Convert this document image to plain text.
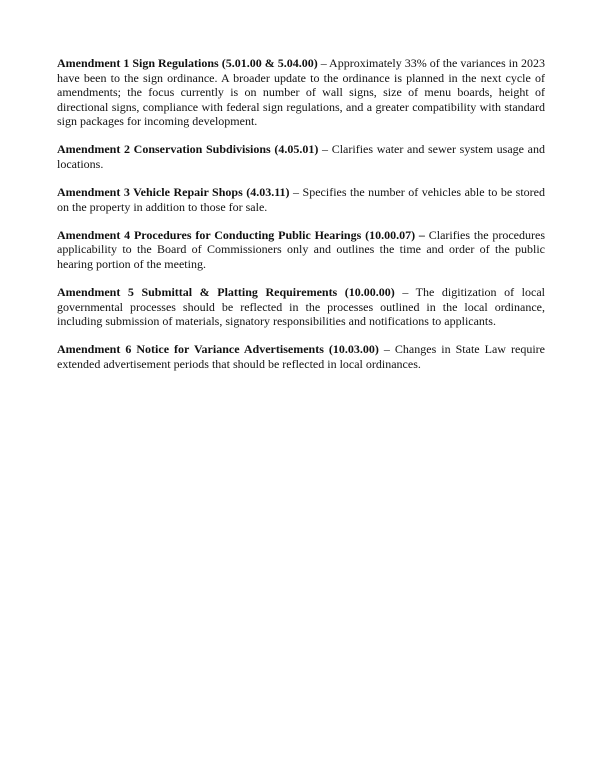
Amendment 1 Sign Regulations (5.01.00 & 5.04.00) – Approximately 33% of the variances in 2023 have been to the sign ordinance. A broader update to the ordinance is planned in the next cycle of amendments; the focus currently is on number of wall signs, size of menu boards, height of directional signs, compliance with federal sign regulations, and a greater compatibility with standard sign packages for incoming development.

Amendment 2 Conservation Subdivisions (4.05.01) – Clarifies water and sewer system usage and locations.

Amendment 3 Vehicle Repair Shops (4.03.11) – Specifies the number of vehicles able to be stored on the property in addition to those for sale.

Amendment 4 Procedures for Conducting Public Hearings (10.00.07) – Clarifies the procedures applicability to the Board of Commissioners only and outlines the time and order of the public hearing portion of the meeting.

Amendment 5 Submittal & Platting Requirements (10.00.00) – The digitization of local governmental processes should be reflected in the processes outlined in the local ordinance, including submission of materials, signatory responsibilities and notifications to applicants.

Amendment 6 Notice for Variance Advertisements (10.03.00) – Changes in State Law require extended advertisement periods that should be reflected in local ordinances.
